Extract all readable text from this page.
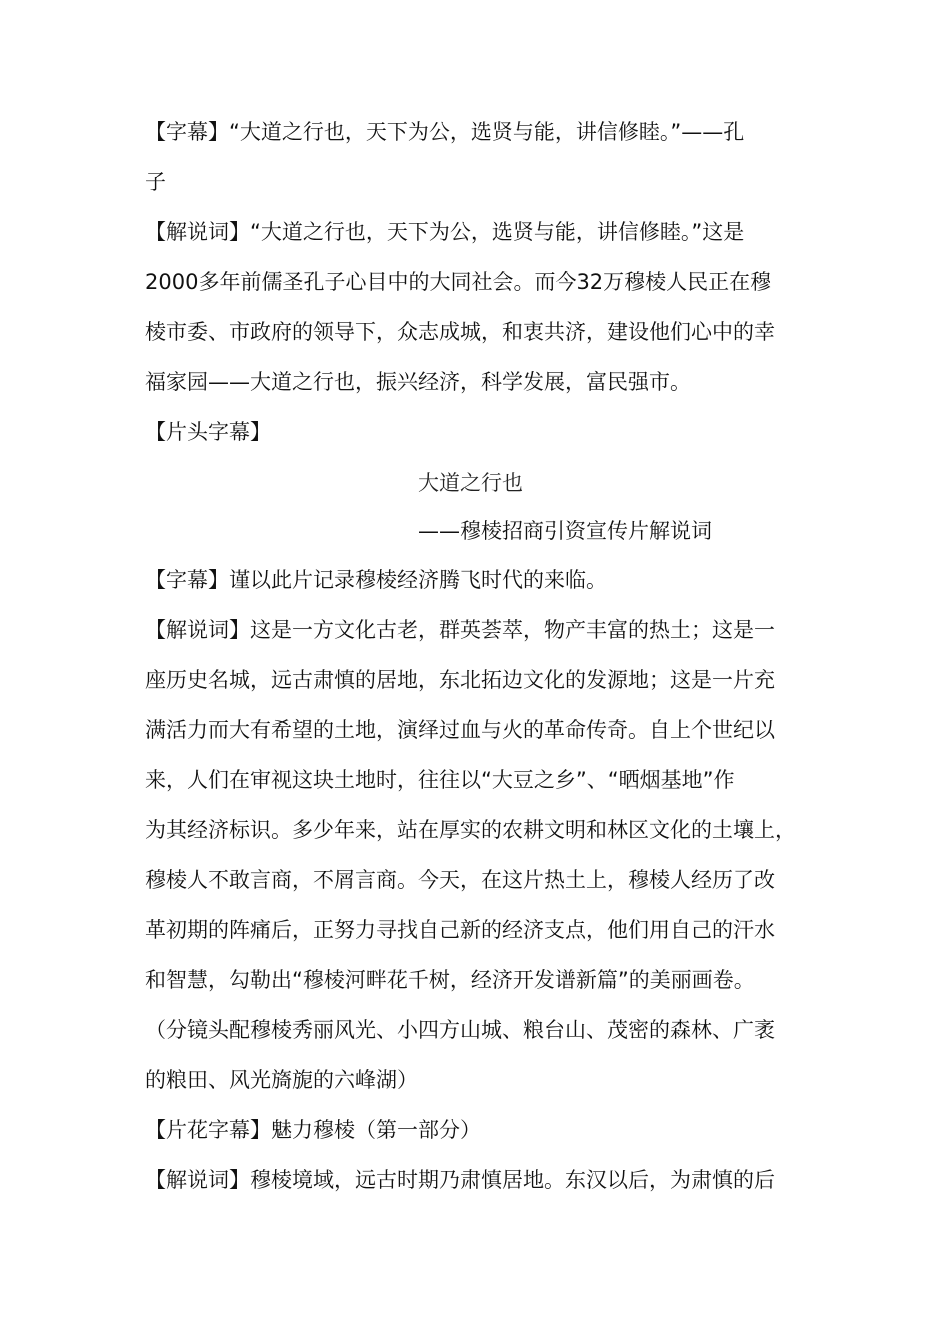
【字幕】“大道之行也，天下为公，选贤与能，讲信修睦。”——孔
子
【解说词】“大道之行也，天下为公，选贤与能，讲信修睦。”这是
2000多年前儒圣孔子心目中的大同社会。而今32万穆棱人民正在穆
棱市委、市政府的领导下，众志成城，和衷共济，建设他们心中的幸
福家园——大道之行也，振兴经济，科学发展，富民强市。
【片头字幕】
大道之行也
——穆棱招商引资宣传片解说词
【字幕】谨以此片记录穆棱经济腾飞时代的来临。
【解说词】这是一方文化古老，群英荟萃，物产丰富的热土；这是一
座历史名城，远古肃慎的居地，东北拓边文化的发源地；这是一片充
满活力而大有希望的土地，演绎过血与火的革命传奇。自上个世纪以
来，人们在审视这块土地时，往往以“大豆之乡”、“晒烟基地”作
为其经济标识。多少年来，站在厚实的农耕文明和林区文化的土壤上，
穆棱人不敢言商，不屑言商。今天，在这片热土上，穆棱人经历了改
革初期的阵痛后，正努力寻找自己新的经济支点，他们用自己的汗水
和智慧，勾勒出“穆棱河畔花千树，经济开发谱新篇”的美丽画卷。
（分镜头配穆棱秀丽风光、小四方山城、粮台山、茂密的森林、广袤
的粮田、风光旖旎的六峰湖）
【片花字幕】魅力穆棱（第一部分）
【解说词】穆棱境域，远古时期乃肃慎居地。东汉以后，为肃慎的后
